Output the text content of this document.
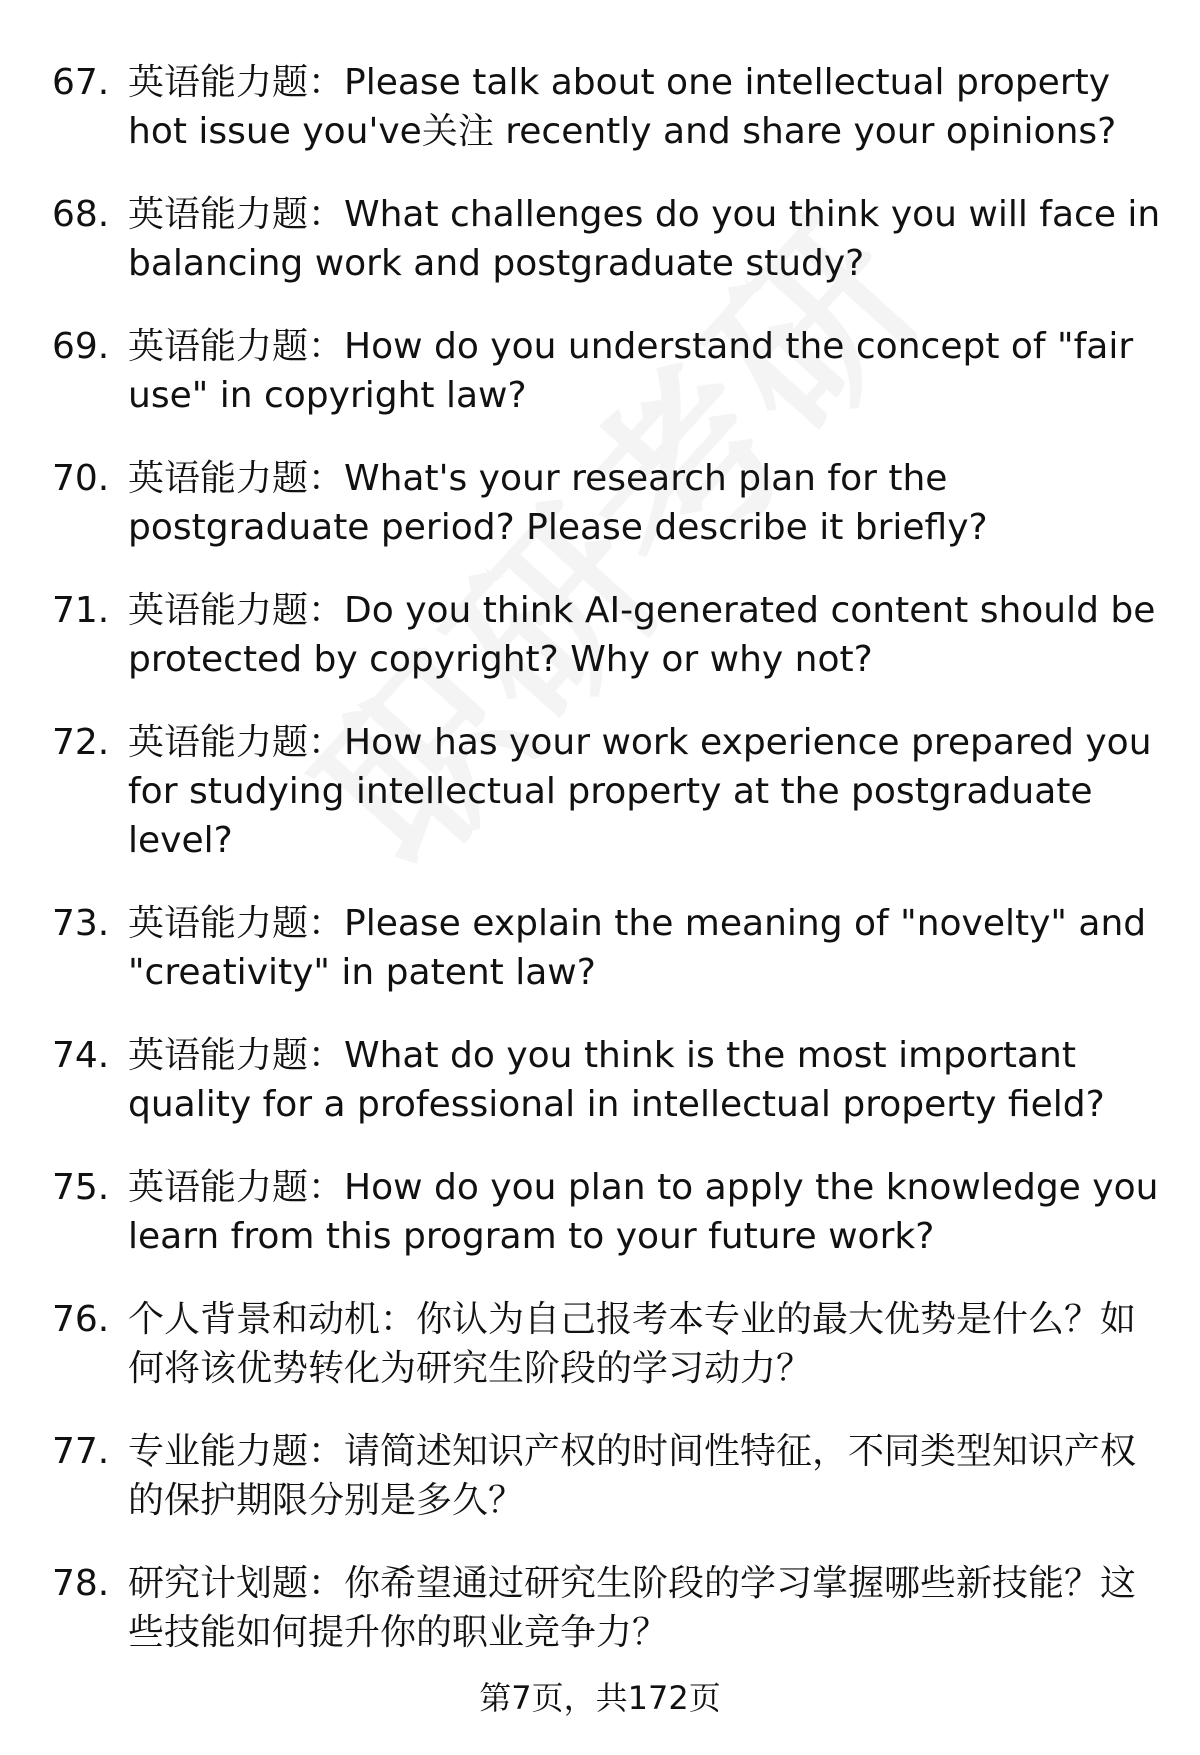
67. 英语能力题：Please talk about one intellectual property hot issue you've关注 recently and share your opinions?
68. 英语能力题：What challenges do you think you will face in balancing work and postgraduate study?
69. 英语能力题：How do you understand the concept of "fair use" in copyright law?
70. 英语能力题：What's your research plan for the postgraduate period? Please describe it briefly?
71. 英语能力题：Do you think AI-generated content should be protected by copyright? Why or why not?
72. 英语能力题：How has your work experience prepared you for studying intellectual property at the postgraduate level?
73. 英语能力题：Please explain the meaning of "novelty" and "creativity" in patent law?
74. 英语能力题：What do you think is the most important quality for a professional in intellectual property field?
75. 英语能力题：How do you plan to apply the knowledge you learn from this program to your future work?
76. 个人背景和动机：你认为自己报考本专业的最大优势是什么？如何将该优势转化为研究生阶段的学习动力？
77. 专业能力题：请简述知识产权的时间性特征，不同类型知识产权的保护期限分别是多久？
78. 研究计划题：你希望通过研究生阶段的学习掌握哪些新技能？这些技能如何提升你的职业竞争力？
第7页，共172页
